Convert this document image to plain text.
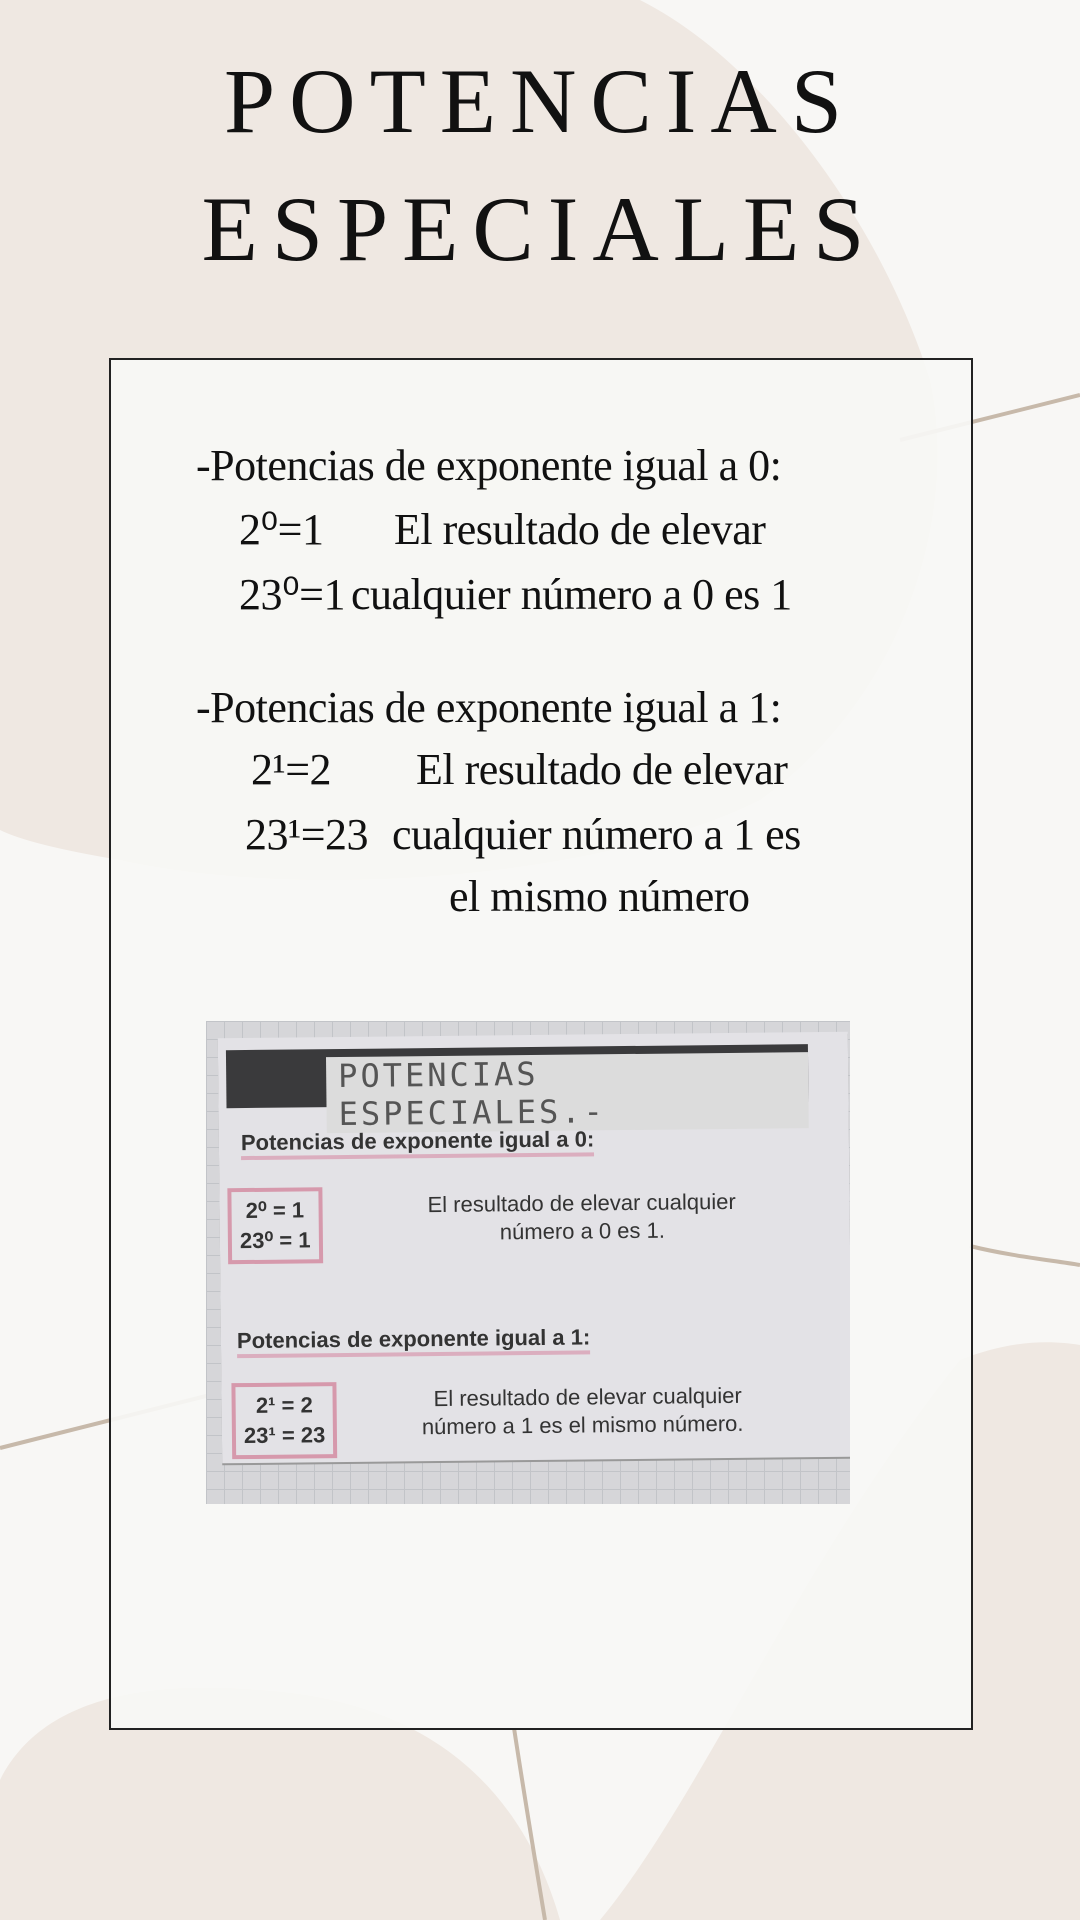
POTENCIAS
ESPECIALES
-Potencias de exponente igual a 0:
2⁰=1 El resultado de elevar
23⁰=1 cualquier número a 0 es 1
-Potencias de exponente igual a 1:
2¹=2 El resultado de elevar
23¹=23 cualquier número a 1 es
el mismo número
POTENCIAS ESPECIALES.-
Potencias de exponente igual a 0:
2⁰ = 1
23⁰ = 1
El resultado de elevar cualquier
número a 0 es 1.
Potencias de exponente igual a 1:
2¹ = 2
23¹ = 23
El resultado de elevar cualquier
número a 1 es el mismo número.
